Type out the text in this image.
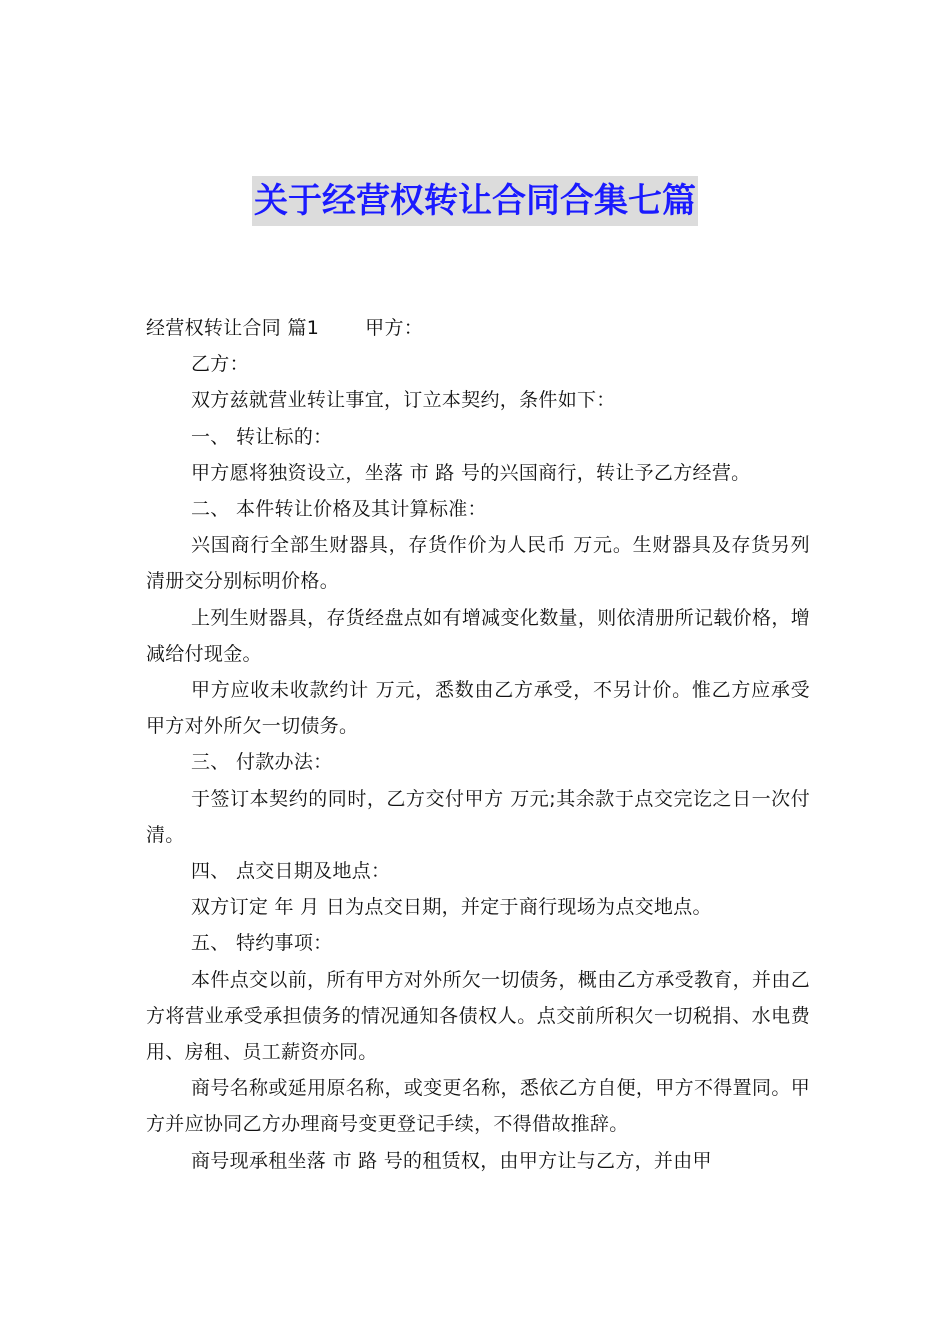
关于经营权转让合同合集七篇

经营权转让合同 篇1 甲方：

乙方：

双方兹就营业转让事宜，订立本契约，条件如下：

一、 转让标的：

甲方愿将独资设立，坐落 市 路 号的兴国商行，转让予乙方经营。

二、 本件转让价格及其计算标准：

兴国商行全部生财器具，存货作价为人民币 万元。生财器具及存货另列清册交分别标明价格。

上列生财器具，存货经盘点如有增减变化数量，则依清册所记载价格，增减给付现金。

甲方应收未收款约计 万元，悉数由乙方承受，不另计价。惟乙方应承受甲方对外所欠一切债务。

三、 付款办法：

于签订本契约的同时，乙方交付甲方 万元;其余款于点交完讫之日一次付清。

四、 点交日期及地点：

双方订定 年 月 日为点交日期，并定于商行现场为点交地点。

五、 特约事项：

本件点交以前，所有甲方对外所欠一切债务，概由乙方承受教育，并由乙方将营业承受承担债务的情况通知各债权人。点交前所积欠一切税捐、水电费用、房租、员工薪资亦同。

商号名称或延用原名称，或变更名称，悉依乙方自便，甲方不得置同。甲方并应协同乙方办理商号变更登记手续，不得借故推辞。

商号现承租坐落 市 路 号的租赁权，由甲方让与乙方，并由甲
